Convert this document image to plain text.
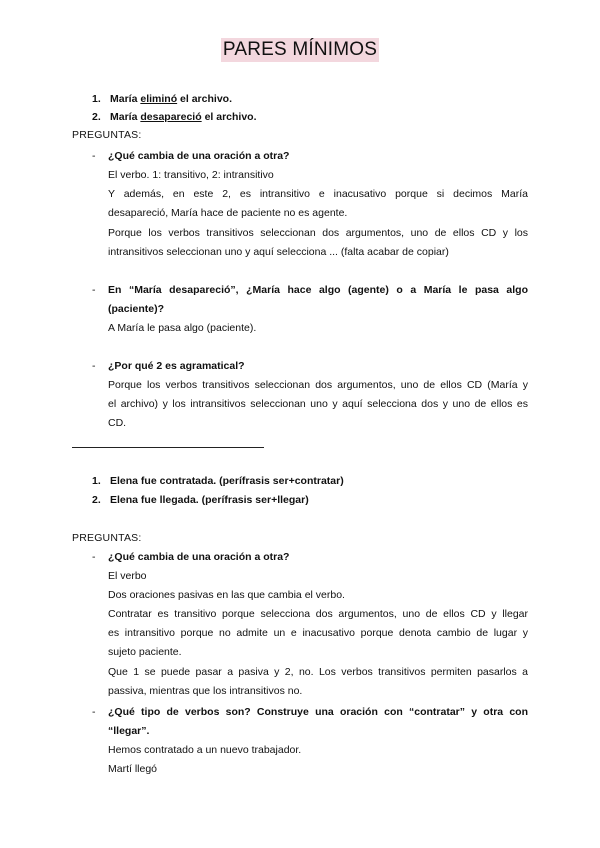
PARES MÍNIMOS
1. María eliminó el archivo.
2. María desapareció el archivo.
PREGUNTAS:
- ¿Qué cambia de una oración a otra?
El verbo. 1: transitivo, 2: intransitivo
Y además, en este 2, es intransitivo e inacusativo porque si decimos María
desapareció, María hace de paciente no es agente.
Porque los verbos transitivos seleccionan dos argumentos, uno de ellos CD y los
intransitivos seleccionan uno y aquí selecciona ... (falta acabar de copiar)
- En “María desapareció”, ¿María hace algo (agente) o a María le pasa algo
(paciente)?
A María le pasa algo (paciente).
- ¿Por qué 2 es agramatical?
Porque los verbos transitivos seleccionan dos argumentos, uno de ellos CD (María y
el archivo) y los intransitivos seleccionan uno y aquí selecciona dos y uno de ellos es
CD.
1. Elena fue contratada. (perífrasis ser+contratar)
2. Elena fue llegada. (perífrasis ser+llegar)
PREGUNTAS:
- ¿Qué cambia de una oración a otra?
El verbo
Dos oraciones pasivas en las que cambia el verbo.
Contratar es transitivo porque selecciona dos argumentos, uno de ellos CD y llegar
es intransitivo porque no admite un e inacusativo porque denota cambio de lugar y
sujeto paciente.
Que 1 se puede pasar a pasiva y 2, no. Los verbos transitivos permiten pasarlos a
passiva, mientras que los intransitivos no.
- ¿Qué tipo de verbos son? Construye una oración con “contratar” y otra con
“llegar”.
Hemos contratado a un nuevo trabajador.
Martí llegó
